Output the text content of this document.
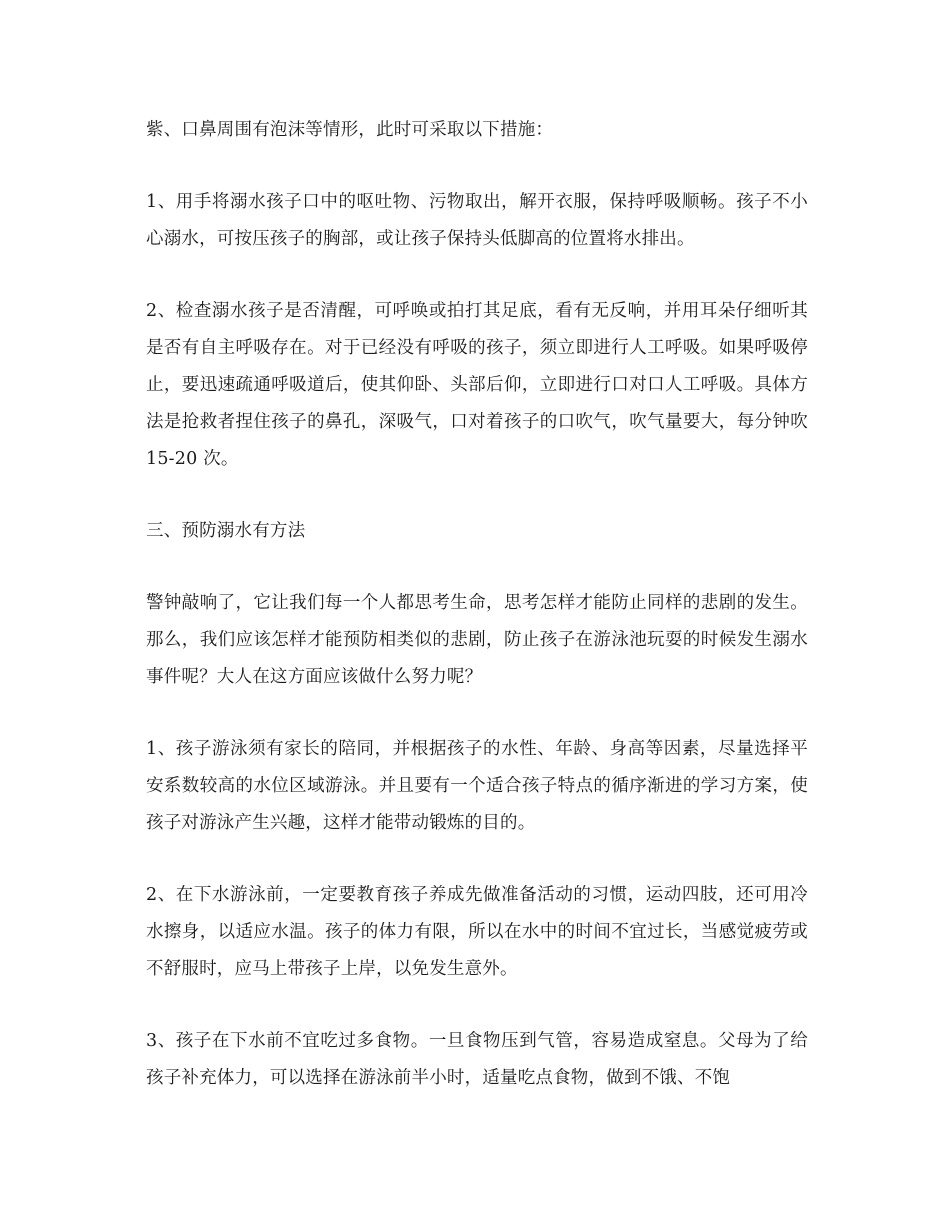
紫、口鼻周围有泡沫等情形，此时可采取以下措施：

1、用手将溺水孩子口中的呕吐物、污物取出，解开衣服，保持呼吸顺畅。孩子不小心溺水，可按压孩子的胸部，或让孩子保持头低脚高的位置将水排出。

2、检查溺水孩子是否清醒，可呼唤或拍打其足底，看有无反响，并用耳朵仔细听其是否有自主呼吸存在。对于已经没有呼吸的孩子，须立即进行人工呼吸。如果呼吸停止，要迅速疏通呼吸道后，使其仰卧、头部后仰，立即进行口对口人工呼吸。具体方法是抢救者捏住孩子的鼻孔，深吸气，口对着孩子的口吹气，吹气量要大，每分钟吹 15-20 次。

三、预防溺水有方法

警钟敲响了，它让我们每一个人都思考生命，思考怎样才能防止同样的悲剧的发生。那么，我们应该怎样才能预防相类似的悲剧，防止孩子在游泳池玩耍的时候发生溺水事件呢？大人在这方面应该做什么努力呢？

1、孩子游泳须有家长的陪同，并根据孩子的水性、年龄、身高等因素，尽量选择平安系数较高的水位区域游泳。并且要有一个适合孩子特点的循序渐进的学习方案，使孩子对游泳产生兴趣，这样才能带动锻炼的目的。

2、在下水游泳前，一定要教育孩子养成先做准备活动的习惯，运动四肢，还可用冷水擦身，以适应水温。孩子的体力有限，所以在水中的时间不宜过长，当感觉疲劳或不舒服时，应马上带孩子上岸，以免发生意外。

3、孩子在下水前不宜吃过多食物。一旦食物压到气管，容易造成窒息。父母为了给孩子补充体力，可以选择在游泳前半小时，适量吃点食物，做到不饿、不饱
